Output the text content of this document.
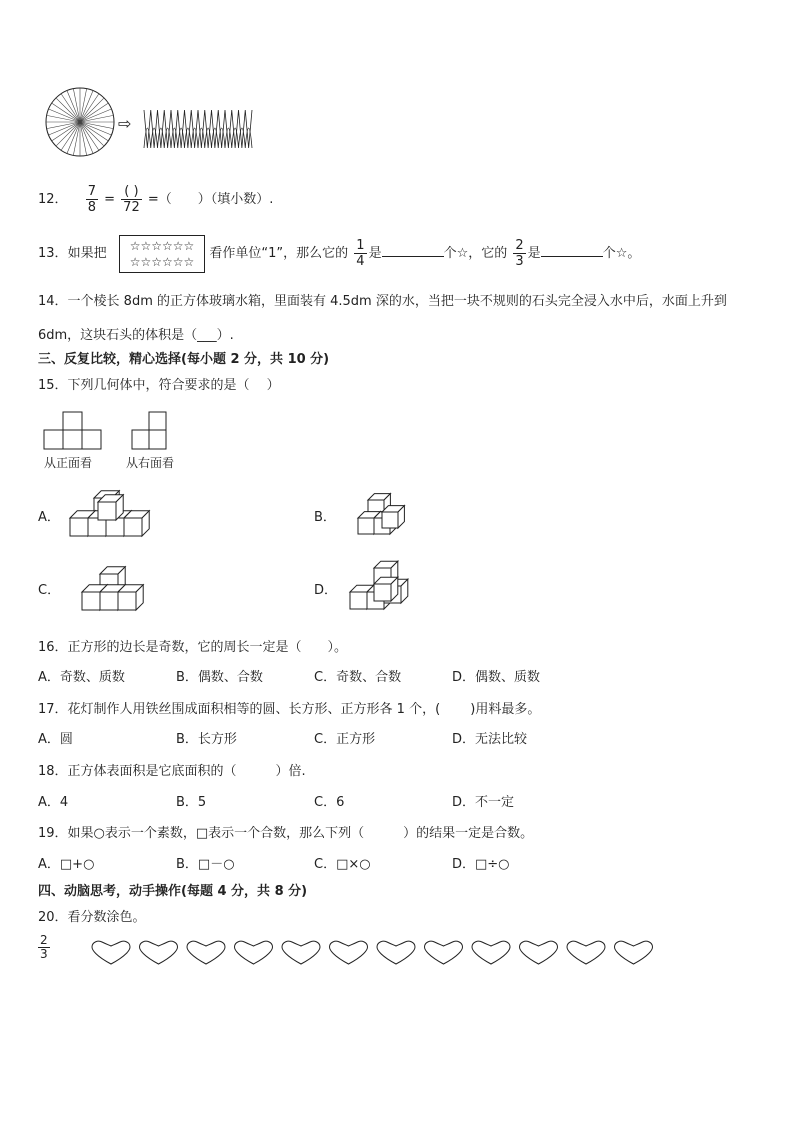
⇨
12． $\frac{7}{8} = \frac{( )}{72}$ =（　　）（填小数）.
13．如果把 ☆☆☆☆☆☆
☆☆☆☆☆☆ 看作单位“1”，那么它的 $\frac{1}{4}$ 是	个☆，它的 $\frac{2}{3}$ 是	个☆。
14．一个棱长 8dm 的正方体玻璃水箱，里面装有 4.5dm 深的水，当把一块不规则的石头完全浸入水中后，水面上升到
6dm，这块石头的体积是（___）.
三、反复比较，精心选择(每小题 2 分，共 10 分)
15．下列几何体中，符合要求的是（　 ）
从正面看	从右面看
A．	B．
C．	D．
16．正方形的边长是奇数，它的周长一定是（　　）。
A．奇数、质数	B．偶数、合数	C．奇数、合数	D．偶数、质数
17．花灯制作人用铁丝围成面积相等的圆、长方形、正方形各 1 个，(　　 )用料最多。
A．圆	B．长方形	C．正方形	D．无法比较
18．正方体表面积是它底面积的（　　　）倍.
A．4	B．5	C．6	D．不一定
19．如果○表示一个素数，□表示一个合数，那么下列（　　　）的结果一定是合数。
A．□+○	B．□－○	C．□×○	D．□÷○
四、动脑思考，动手操作(每题 4 分，共 8 分)
20．看分数涂色。
$\frac{2}{3}$
